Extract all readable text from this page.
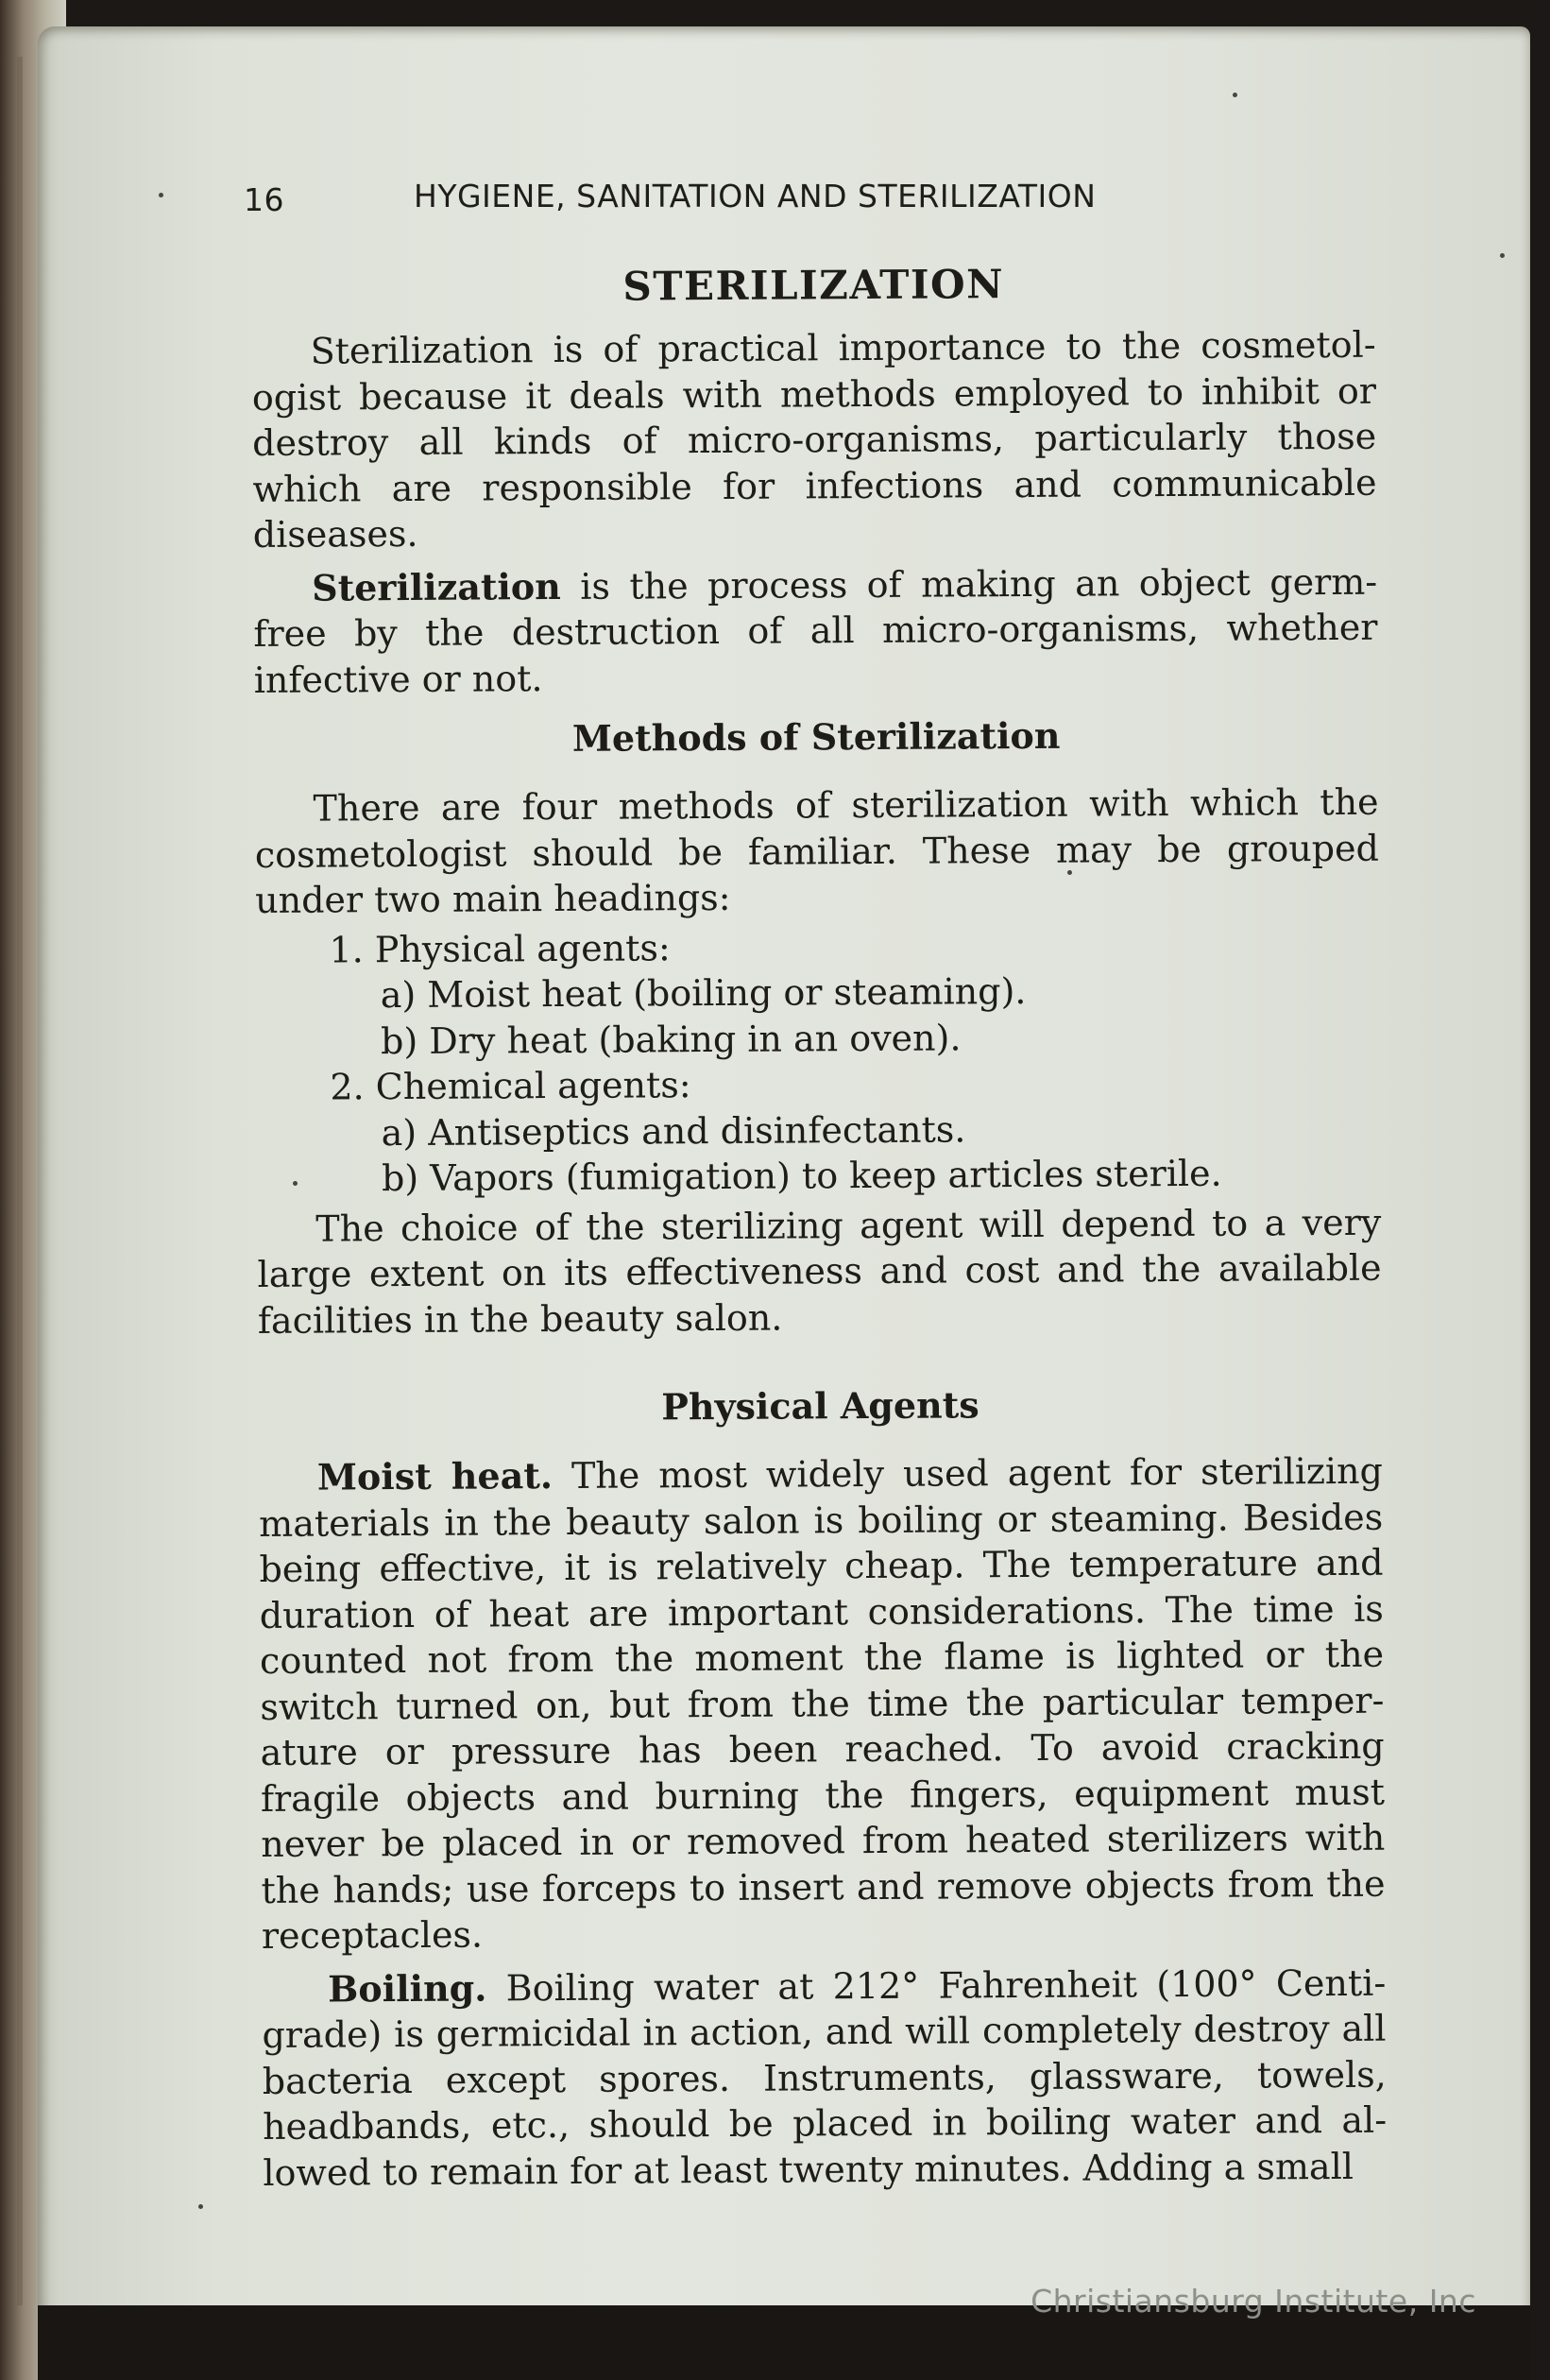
16	HYGIENE, SANITATION AND STERILIZATION
STERILIZATION

Sterilization is of practical importance to the cosmetologist because it deals with methods employed to inhibit or destroy all kinds of micro-organisms, particularly those which are responsible for infections and communicable diseases.

Sterilization is the process of making an object germ-free by the destruction of all micro-organisms, whether infective or not.

Methods of Sterilization

There are four methods of sterilization with which the cosmetologist should be familiar. These may be grouped under two main headings:

1. Physical agents:
a) Moist heat (boiling or steaming).
b) Dry heat (baking in an oven).
2. Chemical agents:
a) Antiseptics and disinfectants.
b) Vapors (fumigation) to keep articles sterile.

The choice of the sterilizing agent will depend to a very large extent on its effectiveness and cost and the available facilities in the beauty salon.

Physical Agents

Moist heat. The most widely used agent for sterilizing materials in the beauty salon is boiling or steaming. Besides being effective, it is relatively cheap. The temperature and duration of heat are important considerations. The time is counted not from the moment the flame is lighted or the switch turned on, but from the time the particular temperature or pressure has been reached. To avoid cracking fragile objects and burning the fingers, equipment must never be placed in or removed from heated sterilizers with the hands; use forceps to insert and remove objects from the receptacles.

Boiling. Boiling water at 212° Fahrenheit (100° Centigrade) is germicidal in action, and will completely destroy all bacteria except spores. Instruments, glassware, towels, headbands, etc., should be placed in boiling water and allowed to remain for at least twenty minutes. Adding a small

Christiansburg Institute, Inc
